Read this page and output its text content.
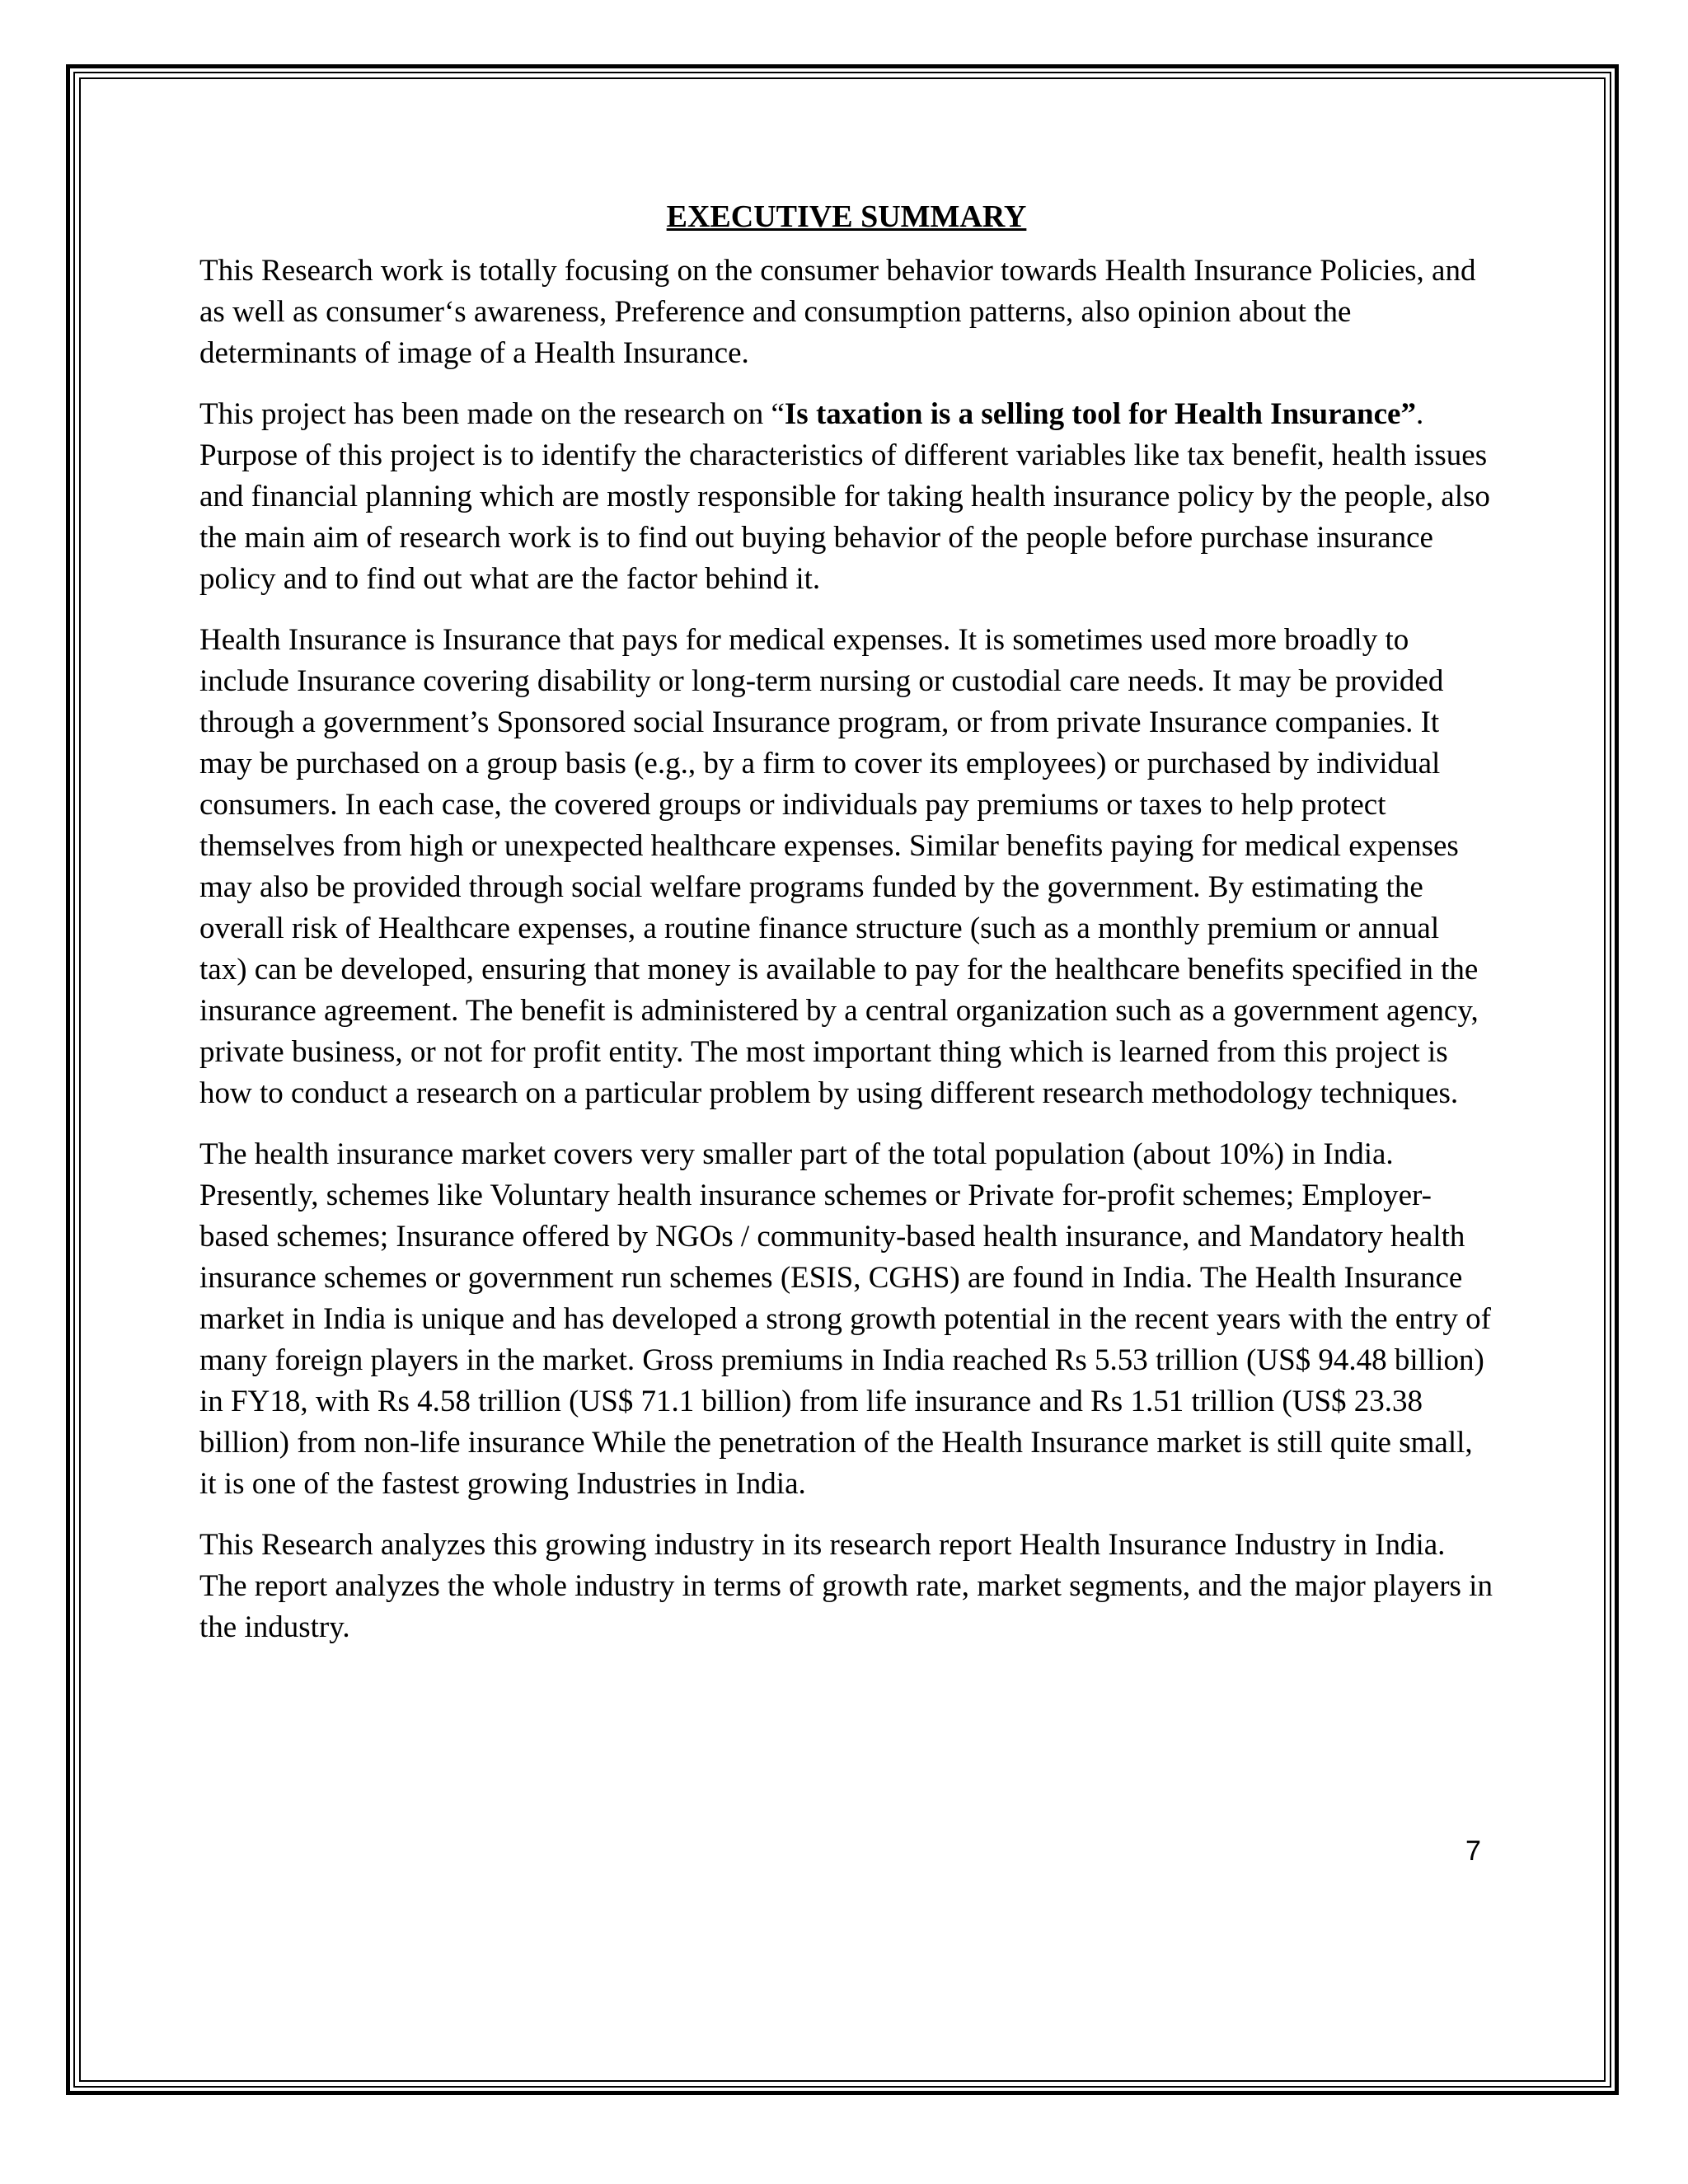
EXECUTIVE SUMMARY

This Research work is totally focusing on the consumer behavior towards Health Insurance Policies, and as well as consumer‘s awareness, Preference and consumption patterns, also opinion about the determinants of image of a Health Insurance.

This project has been made on the research on “Is taxation is a selling tool for Health Insurance”. Purpose of this project is to identify the characteristics of different variables like tax benefit, health issues and financial planning which are mostly responsible for taking health insurance policy by the people, also the main aim of research work is to find out buying behavior of the people before purchase insurance policy and to find out what are the factor behind it.

Health Insurance is Insurance that pays for medical expenses. It is sometimes used more broadly to include Insurance covering disability or long-term nursing or custodial care needs. It may be provided through a government’s Sponsored social Insurance program, or from private Insurance companies. It may be purchased on a group basis (e.g., by a firm to cover its employees) or purchased by individual consumers. In each case, the covered groups or individuals pay premiums or taxes to help protect themselves from high or unexpected healthcare expenses. Similar benefits paying for medical expenses may also be provided through social welfare programs funded by the government. By estimating the overall risk of Healthcare expenses, a routine finance structure (such as a monthly premium or annual tax) can be developed, ensuring that money is available to pay for the healthcare benefits specified in the insurance agreement. The benefit is administered by a central organization such as a government agency, private business, or not for profit entity. The most important thing which is learned from this project is how to conduct a research on a particular problem by using different research methodology techniques.

The health insurance market covers very smaller part of the total population (about 10%) in India. Presently, schemes like Voluntary health insurance schemes or Private for-profit schemes; Employer-based schemes; Insurance offered by NGOs / community-based health insurance, and Mandatory health insurance schemes or government run schemes (ESIS, CGHS) are found in India. The Health Insurance market in India is unique and has developed a strong growth potential in the recent years with the entry of many foreign players in the market. Gross premiums in India reached Rs 5.53 trillion (US$ 94.48 billion) in FY18, with Rs 4.58 trillion (US$ 71.1 billion) from life insurance and Rs 1.51 trillion (US$ 23.38 billion) from non-life insurance While the penetration of the Health Insurance market is still quite small, it is one of the fastest growing Industries in India.

This Research analyzes this growing industry in its research report Health Insurance Industry in India. The report analyzes the whole industry in terms of growth rate, market segments, and the major players in the industry.

7
